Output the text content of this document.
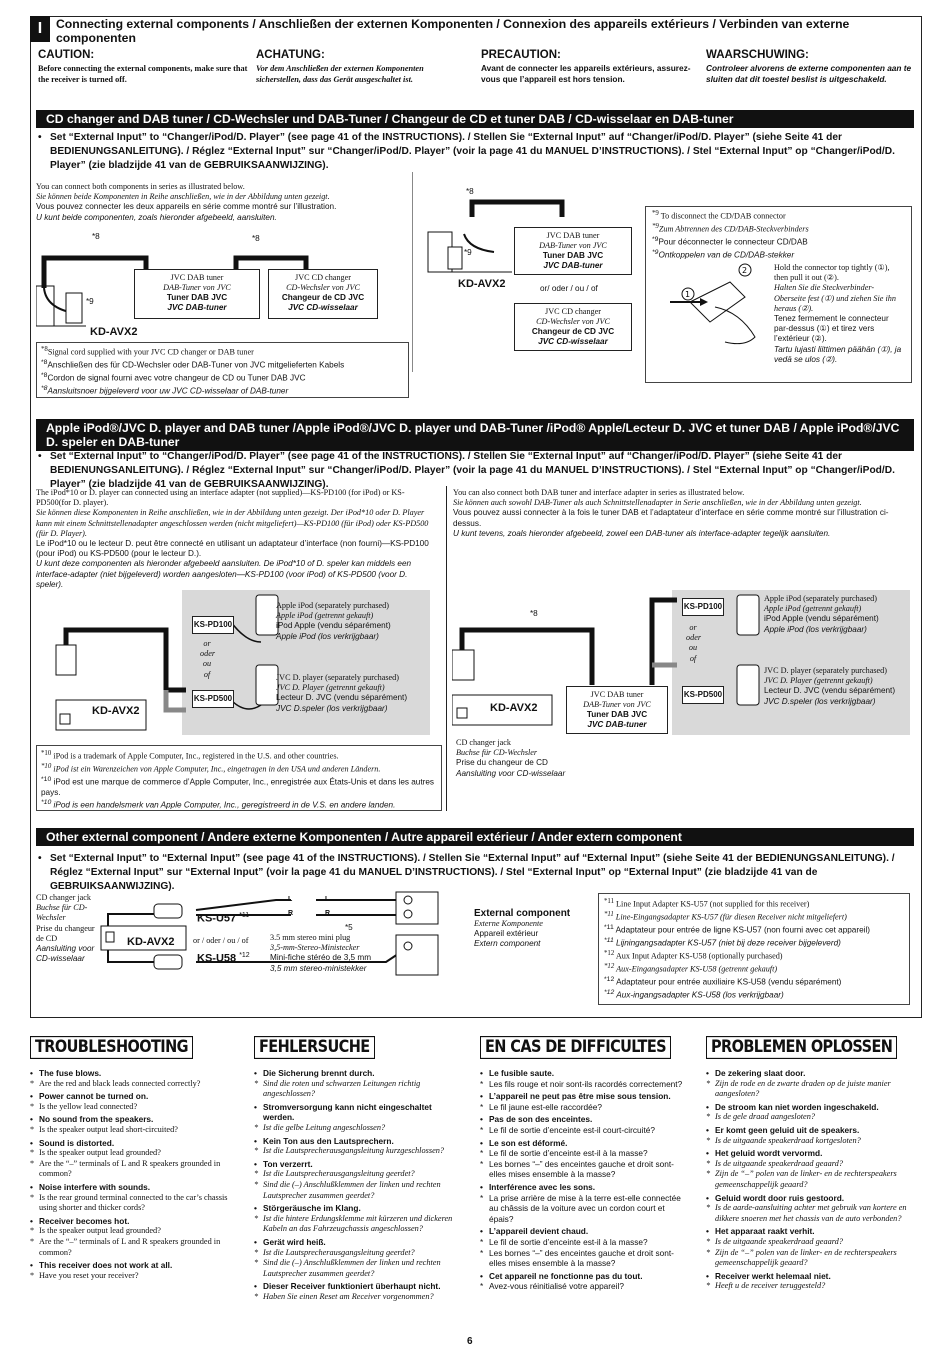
I	Connecting external components / Anschließen der externen Komponenten / Connexion des appareils extérieurs / Verbinden van externe componenten
CAUTION:
Before connecting the external components, make sure that the receiver is turned off.
ACHATUNG:
Vor dem Anschließen der externen Komponenten sicherstellen, dass das Gerät ausgeschaltet ist.
PRECAUTION:
Avant de connecter les appareils extérieurs, assurez-vous que l’appareil est hors tension.
WAARSCHUWING:
Controleer alvorens de externe componenten aan te sluiten dat dit toestel beslist is uitgeschakeld.
CD changer and DAB tuner / CD-Wechsler und DAB-Tuner / Changeur de CD et tuner DAB / CD-wisselaar en DAB-tuner
• Set “External Input” to “Changer/iPod/D. Player” (see page 41 of the INSTRUCTIONS). / Stellen Sie “External Input” auf “Changer/iPod/D. Player” (siehe Seite 41 der BEDIENUNGSANLEITUNG). / Réglez “External Input” sur “Changer/iPod/D. Player” (voir la page 41 du MANUEL D’INSTRUCTIONS). / Stel “External Input” op “Changer/iPod/D. Player” (zie bladzijde 41 van de GEBRUIKSAANWIJZING).
You can connect both components in series as illustrated below.
Sie können beide Komponenten in Reihe anschließen, wie in der Abbildung unten gezeigt.
Vous pouvez connecter les deux appareils en série comme montré sur l’illustration.
U kunt beide componenten, zoals hieronder afgebeeld, aansluiten.
*8	*8
*9
KD-AVX2
JVC DAB tuner
DAB-Tuner von JVC
Tuner DAB JVC
JVC DAB-tuner
JVC CD changer
CD-Wechsler von JVC
Changeur de CD JVC
JVC CD-wisselaar
$^{*8}$Signal cord supplied with your JVC CD changer or DAB tuner
$^{*8}$Anschließen des für CD-Wechsler oder DAB-Tuner von JVC mitgelieferten Kabels
$^{*8}$Cordon de signal fourni avec votre changeur de CD ou Tuner DAB JVC
$^{*8}$Aansluitsnoer bijgeleverd voor uw JVC CD-wisselaar of DAB-tuner
*8
*9
KD-AVX2
JVC DAB tuner
DAB-Tuner von JVC
Tuner DAB JVC
JVC DAB-tuner
or/ oder / ou / of
JVC CD changer
CD-Wechsler von JVC
Changeur de CD JVC
JVC CD-wisselaar
$^{*9}$ To disconnect the CD/DAB connector
$^{*9}$Zum Abtrennen des CD/DAB-Steckverbinders
$^{*9}$Pour déconnecter le connecteur CD/DAB
$^{*9}$Ontkoppelen van de CD/DAB-stekker
2
1
Hold the connector top tightly (①), then pull it out (②).
Halten Sie die Steckverbinder-Oberseite fest (①) und ziehen Sie ihn heraus (②).
Tenez fermement le connecteur par-dessus (①) et tirez vers l’extérieur (②).
Tartu lujasti liittimen päähän (①), ja vedä se ulos (②).
Apple iPod®/JVC D. player and DAB tuner /Apple iPod®/JVC D. player und DAB-Tuner /iPod® Apple/Lecteur D. JVC et tuner DAB / Apple iPod®/JVC D. speler en DAB-tuner
• Set “External Input” to “Changer/iPod/D. Player” (see page 41 of the INSTRUCTIONS). / Stellen Sie “External Input” auf “Changer/iPod/D. Player” (siehe Seite 41 der BEDIENUNGSANLEITUNG). / Réglez “External Input” sur “Changer/iPod/D. Player” (voir la page 41 du MANUEL D’INSTRUCTIONS). / Stel “External Input” op “Changer/iPod/D. Player” (zie bladzijde 41 van de GEBRUIKSAANWIJZING).
The iPod*10 or D. player can connected using an interface adapter (not supplied)—KS-PD100 (for iPod) or KS-PD500(for D. player).
Sie können diese Komponenten in Reihe anschließen, wie in der Abbildung unten gezeigt. Der iPod*10 oder D. Player kann mit einem Schnittstellenadapter angeschlossen werden (nicht mitgeliefert)—KS-PD100 (für iPod) oder KS-PD500 (für D. Player).
Le iPod*10 ou le lecteur D. peut être connecté en utilisant un adaptateur d’interface (non fourni)—KS-PD100 (pour iPod) ou KS-PD500 (pour le lecteur D.).
U kunt deze componenten als hieronder afgebeeld aansluiten. De iPod*10 of D. speler kan middels een interface-adapter (niet bijgeleverd) worden aangesloten—KS-PD100 (voor iPod) of KS-PD500 (voor D. speler).
You can also connect both DAB tuner and interface adapter in series as illustrated below.
Sie können auch sowohl DAB-Tuner als auch Schnittstellenadapter in Serie anschließen, wie in der Abbildung unten gezeigt.
Vous pouvez aussi connecter à la fois le tuner DAB et l’adaptateur d’interface en série comme montré sur l’illustration ci-dessus.
U kunt tevens, zoals hieronder afgebeeld, zowel een DAB-tuner als interface-adapter tegelijk aansluiten.
KS-PD100
or
oder
ou
of
KS-PD500
Apple iPod (separately purchased)
Apple iPod (getrennt gekauft)
iPod Apple (vendu séparément)
Apple iPod (los verkrijgbaar)
JVC D. player (separately purchased)
JVC D. Player (getrennt gekauft)
Lecteur D. JVC (vendu séparément)
JVC D.speler (los verkrijgbaar)
KD-AVX2
$^{*10}$ iPod is a trademark of Apple Computer, Inc., registered in the U.S. and other countries.
$^{*10}$ iPod ist ein Warenzeichen von Apple Computer, Inc., eingetragen in den USA und anderen Ländern.
$^{*10}$ iPod est une marque de commerce d’Apple Computer, Inc., enregistrée aux États-Unis et dans les autres pays.
$^{*10}$ iPod is een handelsmerk van Apple Computer, Inc., geregistreerd in de V.S. en andere landen.
*8
KS-PD100
or
oder
ou
of
KS-PD500
Apple iPod (separately purchased)
Apple iPod (getrennt gekauft)
iPod Apple (vendu séparément)
Apple iPod (los verkrijgbaar)
JVC D. player (separately purchased)
JVC D. Player (getrennt gekauft)
Lecteur D. JVC (vendu séparément)
JVC D.speler (los verkrijgbaar)
JVC DAB tuner
DAB-Tuner von JVC
Tuner DAB JVC
JVC DAB-tuner
KD-AVX2
CD changer jack
Buchse für CD-Wechsler
Prise du changeur de CD
Aansluiting voor CD-wisselaar
Other external component / Andere externe Komponenten / Autre appareil extérieur / Ander extern component
• Set “External Input” to “External Input” (see page 41 of the INSTRUCTIONS). / Stellen Sie “External Input” auf “External Input” (siehe Seite 41 der BEDIENUNGSANLEITUNG). / Réglez “External Input” sur “External Input” (voir la page 41 du MANUEL D’INSTRUCTIONS). / Stel “External Input” op “External Input” (zie bladzijde 41 van de GEBRUIKSAANWIJZING).
CD changer jack
Buchse für CD-Wechsler
Prise du changeur de CD
Aansluiting voor CD-wisselaar
KD-AVX2
KS-U57 $^{*11}$
or / oder / ou / of
KS-U58 $^{*12}$
*5
3.5 mm stereo mini plug
3,5-mm-Stereo-Ministecker
Mini-fiche stéréo de 3,5 mm
3,5 mm stereo-ministekker
L
R
L
R	External component
Externe Komponente
Appareil extérieur
Extern component
$^{*11}$ Line Input Adapter KS-U57 (not supplied for this receiver)
$^{*11}$ Line-Eingangsadapter KS-U57 (für diesen Receiver nicht mitgeliefert)
$^{*11}$ Adaptateur pour entrée de ligne KS-U57 (non fourni avec cet appareil)
$^{*11}$ Lijningangsadapter KS-U57 (niet bij deze receiver bijgeleverd)
$^{*12}$ Aux Input Adapter KS-U58 (optionally purchased)
$^{*12}$ Aux-Eingangsadapter KS-U58 (getrennt gekauft)
$^{*12}$ Adaptateur pour entrée auxiliaire KS-U58 (vendu séparément)
$^{*12}$ Aux-ingangsadapter KS-U58 (los verkrijgbaar)
TROUBLESHOOTING
• The fuse blows.
* Are the red and black leads connected correctly?
• Power cannot be turned on.
* Is the yellow lead connected?
• No sound from the speakers.
* Is the speaker output lead short-circuited?
• Sound is distorted.
* Is the speaker output lead grounded?
* Are the “–” terminals of L and R speakers grounded in common?
• Noise interfere with sounds.
* Is the rear ground terminal connected to the car’s chassis using shorter and thicker cords?
• Receiver becomes hot.
* Is the speaker output lead grounded?
* Are the “–” terminals of L and R speakers grounded in common?
• This receiver does not work at all.
* Have you reset your receiver?
FEHLERSUCHE
• Die Sicherung brennt durch.
* Sind die roten und schwarzen Leitungen richtig angeschlossen?
• Stromversorgung kann nicht eingeschaltet werden.
* Ist die gelbe Leitung angeschlossen?
• Kein Ton aus den Lautsprechern.
* Ist die Lautsprecherausgangsleitung kurzgeschlossen?
• Ton verzerrt.
* Ist die Lautsprecherausgangsleitung geerdet?
* Sind die (–) Anschlußklemmen der linken und rechten Lautsprecher zusammen geerdet?
• Störgeräusche im Klang.
* Ist die hintere Erdungsklemme mit kürzeren und dickeren Kabeln an das Fahrzeugchassis angeschlossen?
• Gerät wird heiß.
* Ist die Lautsprecherausgangsleitung geerdet?
* Sind die (–) Anschlußklemmen der linken und rechten Lautsprecher zusammen geerdet?
• Dieser Receiver funktioniert überhaupt nicht.
* Haben Sie einen Reset am Receiver vorgenommen?
EN CAS DE DIFFICULTES
• Le fusible saute.
* Les fils rouge et noir sont-ils racordés correctement?
• L’appareil ne peut pas être mise sous tension.
* Le fil jaune est-elle raccordée?
• Pas de son des enceintes.
* Le fil de sortie d’enceinte est-il court-circuité?
• Le son est déformé.
* Le fil de sortie d’enceinte est-il à la masse?
* Les bornes “–” des enceintes gauche et droit sont-elles mises ensemble à la masse?
• Interférence avec les sons.
* La prise arrière de mise à la terre est-elle connectée au châssis de la voiture avec un cordon court et épais?
• L’appareil devient chaud.
* Le fil de sortie d’enceinte est-il à la masse?
* Les bornes “–” des enceintes gauche et droit sont-elles mises ensemble à la masse?
• Cet appareil ne fonctionne pas du tout.
* Avez-vous réinitialisé votre appareil?
PROBLEMEN OPLOSSEN
• De zekering slaat door.
* Zijn de rode en de zwarte draden op de juiste manier aangesloten?
• De stroom kan niet worden ingeschakeld.
* Is de gele draad aangesloten?
• Er komt geen geluid uit de speakers.
* Is de uitgaande speakerdraad kortgesloten?
• Het geluid wordt vervormd.
* Is de uitgaande speakerdraad geaard?
* Zijn de “–” polen van de linker- en de rechterspeakers gemeenschappelijk geaard?
• Geluid wordt door ruis gestoord.
* Is de aarde-aansluiting achter met gebruik van kortere en dikkere snoeren met het chassis van de auto verbonden?
• Het apparaat raakt verhit.
* Is de uitgaande speakerdraad geaard?
* Zijn de “–” polen van de linker- en de rechterspeakers gemeenschappelijk geaard?
• Receiver werkt helemaal niet.
* Heeft u de receiver teruggesteld?
6
